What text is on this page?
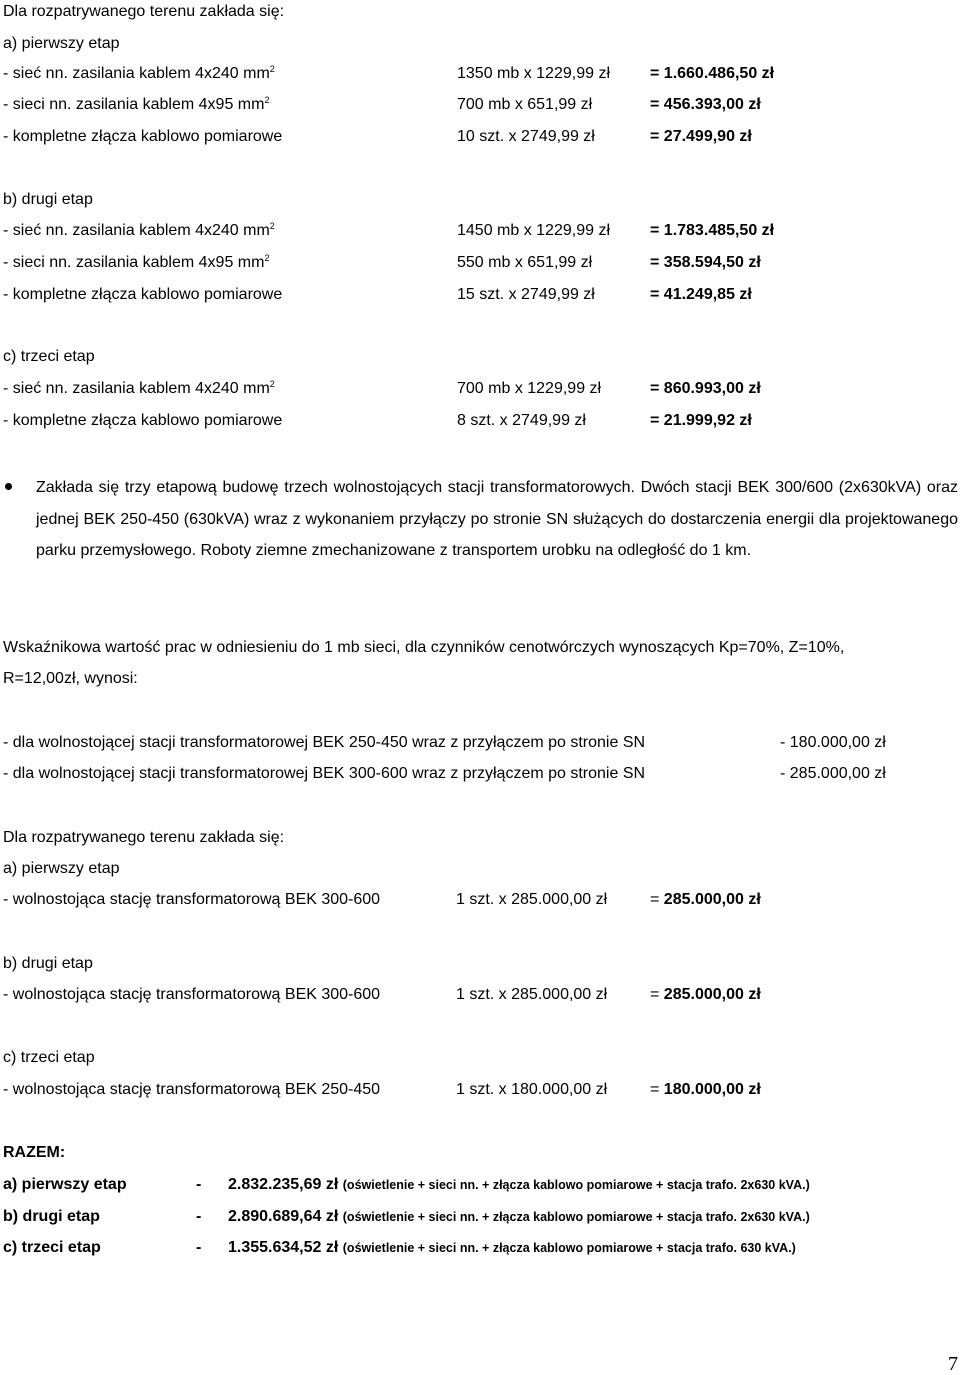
Dla rozpatrywanego terenu zakłada się:
a) pierwszy etap
- sieć nn. zasilania kablem 4x240 $mm^2$	1350 mb x 1229,99 zł	= 1.660.486,50 zł
- sieci nn. zasilania kablem 4x95 $mm^2$	700 mb x 651,99 zł	= 456.393,00 zł
- kompletne złącza kablowo pomiarowe	10 szt. x 2749,99 zł	= 27.499,90 zł
b) drugi etap
- sieć nn. zasilania kablem 4x240 $mm^2$	1450 mb x 1229,99 zł	= 1.783.485,50 zł
- sieci nn. zasilania kablem 4x95 $mm^2$	550 mb x 651,99 zł	= 358.594,50 zł
- kompletne złącza kablowo pomiarowe	15 szt. x 2749,99 zł	= 41.249,85 zł
c) trzeci etap
- sieć nn. zasilania kablem 4x240 $mm^2$	700 mb x 1229,99 zł	= 860.993,00 zł
- kompletne złącza kablowo pomiarowe	8 szt. x 2749,99 zł	= 21.999,92 zł
Zakłada się trzy etapową budowę trzech wolnostojących stacji transformatorowych. Dwóch stacji BEK 300/600 (2x630kVA) oraz jednej BEK 250-450 (630kVA) wraz z wykonaniem przyłączy po stronie SN służących do dostarczenia energii dla projektowanego parku przemysłowego. Roboty ziemne zmechanizowane z transportem urobku na odległość do 1 km.
Wskaźnikowa wartość prac w odniesieniu do 1 mb sieci, dla czynników cenotwórczych wynoszących Kp=70%, Z=10%, R=12,00zł, wynosi:
- dla wolnostojącej stacji transformatorowej BEK 250-450 wraz z przyłączem po stronie SN	- 180.000,00 zł
- dla wolnostojącej stacji transformatorowej BEK 300-600 wraz z przyłączem po stronie SN	- 285.000,00 zł
Dla rozpatrywanego terenu zakłada się:
a) pierwszy etap
- wolnostojąca stację transformatorową BEK 300-600	1 szt. x 285.000,00 zł	= 285.000,00 zł
b) drugi etap
- wolnostojąca stację transformatorową BEK 300-600	1 szt. x 285.000,00 zł	= 285.000,00 zł
c) trzeci etap
- wolnostojąca stację transformatorową BEK 250-450	1 szt. x 180.000,00 zł	= 180.000,00 zł
RAZEM:
a) pierwszy etap	- 2.832.235,69 zł (oświetlenie + sieci nn. + złącza kablowo pomiarowe + stacja trafo. 2x630 kVA.)
b) drugi etap	- 2.890.689,64 zł (oświetlenie + sieci nn. + złącza kablowo pomiarowe + stacja trafo. 2x630 kVA.)
c) trzeci etap	- 1.355.634,52 zł (oświetlenie + sieci nn. + złącza kablowo pomiarowe + stacja trafo. 630 kVA.)
7
